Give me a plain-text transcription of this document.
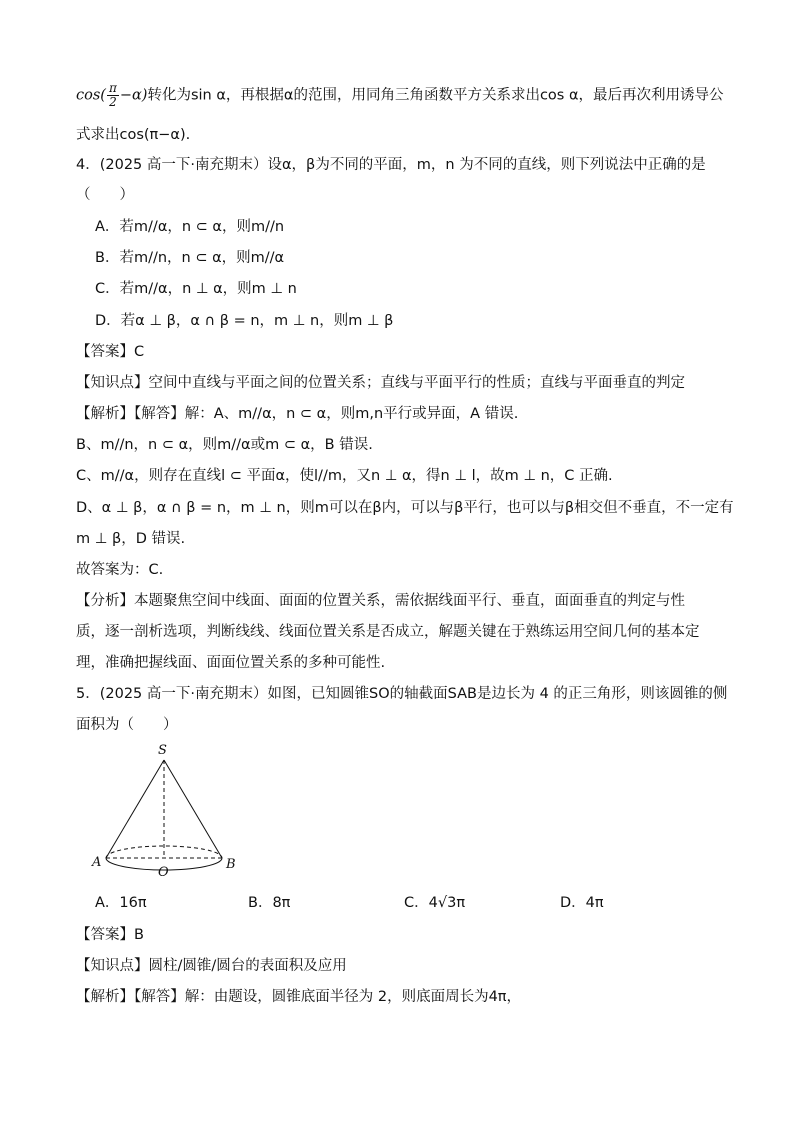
$\cos( \frac{\pi}{2} -\alpha)$转化为sin α，再根据α的范围，用同角三角函数平方关系求出cos α，最后再次利用诱导公
式求出cos(π−α).
4．(2025 高一下·南充期末）设α，β为不同的平面，m，n 为不同的直线，则下列说法中正确的是
（　　）
A．若m//α，n ⊂ α，则m//n
B．若m//n，n ⊂ α，则m//α
C．若m//α，n ⊥ α，则m ⊥ n
D．若α ⊥ β，α ∩ β = n，m ⊥ n，则m ⊥ β
【答案】C
【知识点】空间中直线与平面之间的位置关系；直线与平面平行的性质；直线与平面垂直的判定
【解析】【解答】解：A、m//α，n ⊂ α，则m,n平行或异面，A 错误.
B、m//n，n ⊂ α，则m//α或m ⊂ α，B 错误.
C、m//α，则存在直线l ⊂ 平面α，使l//m，又n ⊥ α，得n ⊥ l，故m ⊥ n，C 正确.
D、α ⊥ β，α ∩ β = n，m ⊥ n，则m可以在β内，可以与β平行，也可以与β相交但不垂直，不一定有
m ⊥ β，D 错误.
故答案为：C.
【分析】本题聚焦空间中线面、面面的位置关系，需依据线面平行、垂直，面面垂直的判定与性
质，逐一剖析选项，判断线线、线面位置关系是否成立，解题关键在于熟练运用空间几何的基本定
理，准确把握线面、面面位置关系的多种可能性.
5．(2025 高一下·南充期末）如图，已知圆锥SO的轴截面SAB是边长为 4 的正三角形，则该圆锥的侧
面积为（　　）
S
A	B
O
A．16π	B．8π	C．4√3π	D．4π
【答案】B
【知识点】圆柱/圆锥/圆台的表面积及应用
【解析】【解答】解：由题设，圆锥底面半径为 2，则底面周长为4π，
